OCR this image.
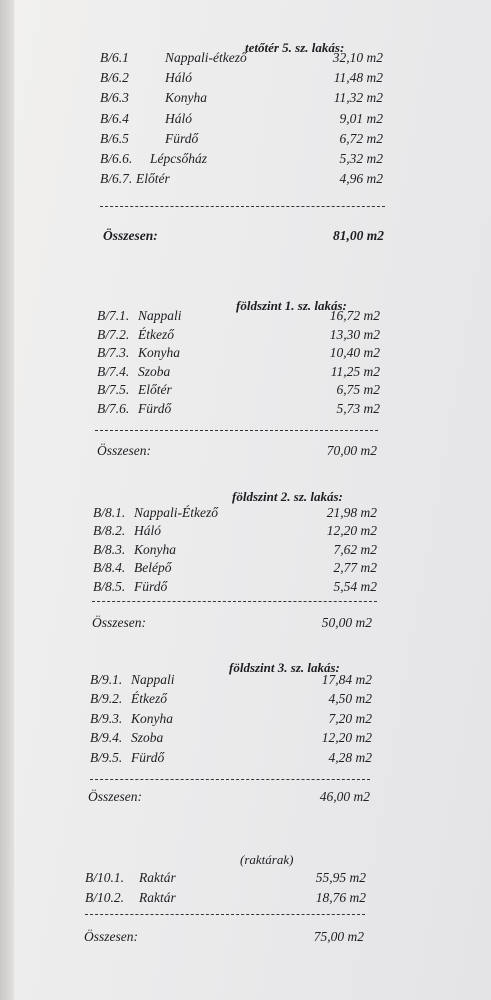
tetőtér 5. sz. lakás:
B/6.1	Nappali-étkező	32,10 m2
B/6.2	Háló	11,48 m2
B/6.3	Konyha	11,32 m2
B/6.4	Háló	9,01 m2
B/6.5	Fürdő	6,72 m2
B/6.6. Lépcsőház	5,32 m2
B/6.7. Előtér	4,96 m2
Összesen:	81,00 m2
földszint 1. sz. lakás:
B/7.1. Nappali	16,72 m2
B/7.2. Étkező	13,30 m2
B/7.3. Konyha	10,40 m2
B/7.4. Szoba	11,25 m2
B/7.5. Előtér	6,75 m2
B/7.6. Fürdő	5,73 m2
Összesen:	70,00 m2
földszint 2. sz. lakás:
B/8.1. Nappali-Étkező	21,98 m2
B/8.2. Háló	12,20 m2
B/8.3. Konyha	7,62 m2
B/8.4. Belépő	2,77 m2
B/8.5. Fürdő	5,54 m2
Összesen:	50,00 m2
földszint 3. sz. lakás:
B/9.1. Nappali	17,84 m2
B/9.2. Étkező	4,50 m2
B/9.3. Konyha	7,20 m2
B/9.4. Szoba	12,20 m2
B/9.5. Fürdő	4,28 m2
Összesen:	46,00 m2
(raktárak)
B/10.1. Raktár	55,95 m2
B/10.2. Raktár	18,76 m2
Összesen:	75,00 m2
